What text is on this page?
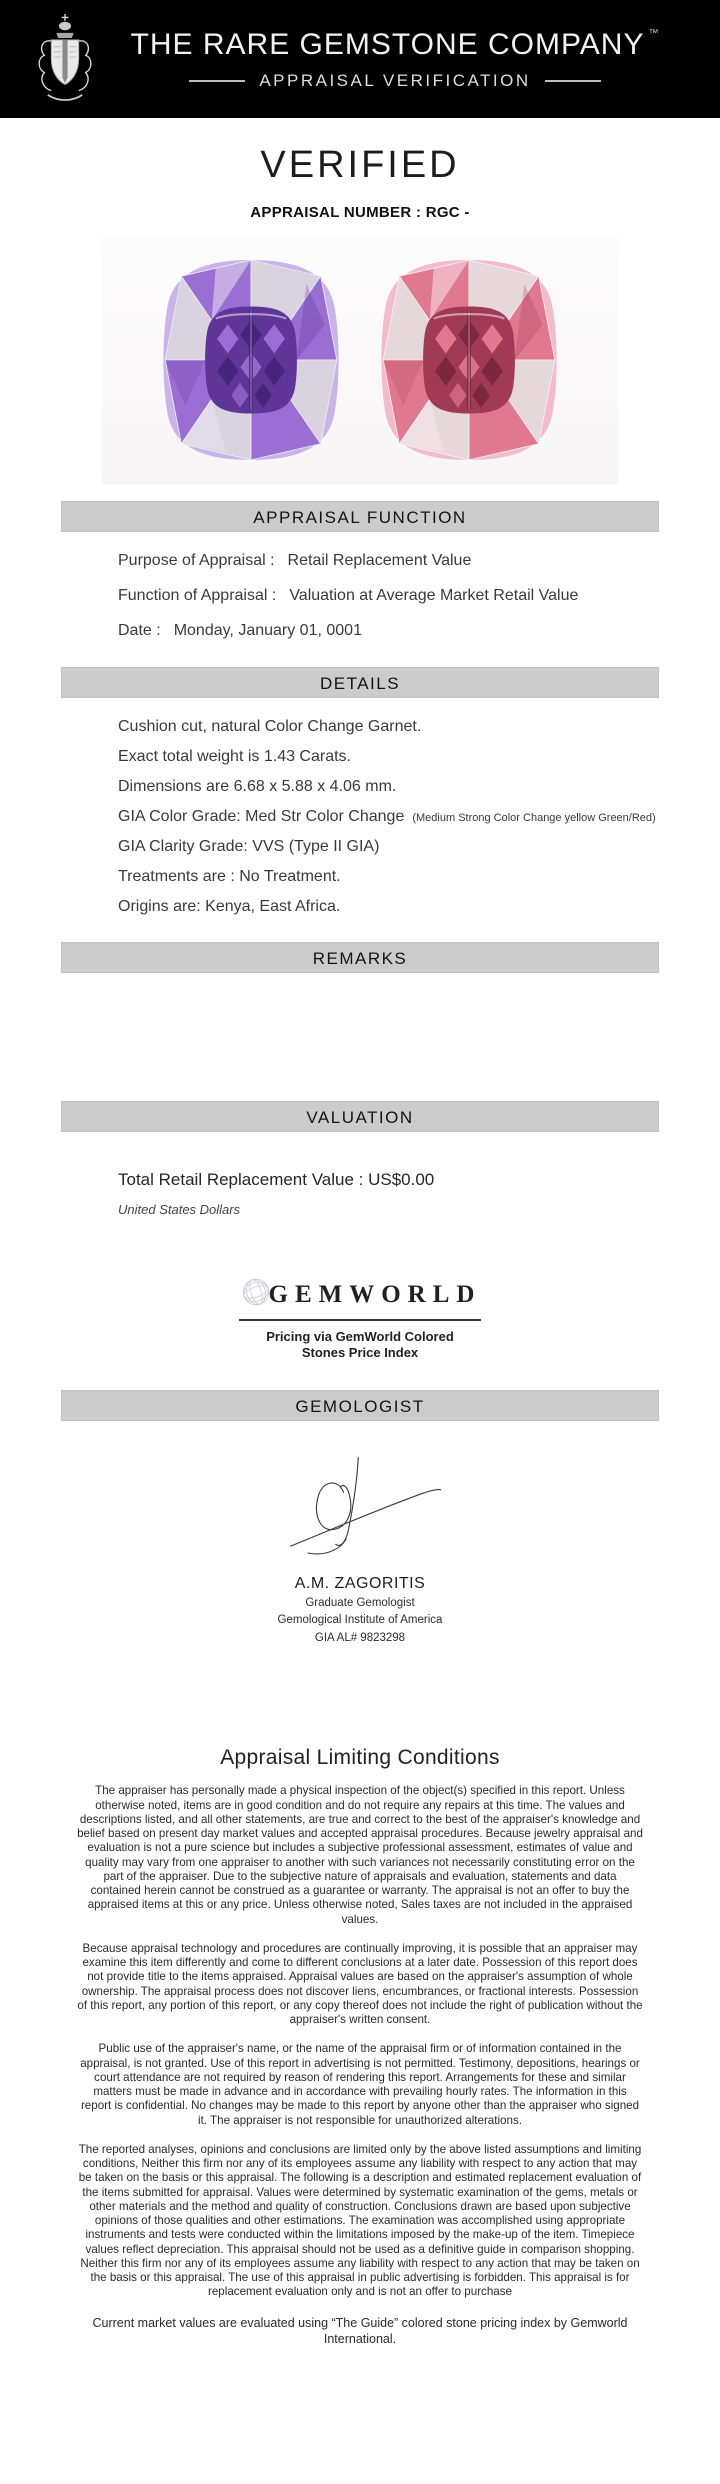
THE RARE GEMSTONE COMPANY ™
APPRAISAL VERIFICATION
VERIFIED
APPRAISAL NUMBER : RGC -
APPRAISAL FUNCTION
Purpose of Appraisal : Retail Replacement Value
Function of Appraisal : Valuation at Average Market Retail Value
Date : Monday, January 01, 0001
DETAILS
Cushion cut, natural Color Change Garnet.
Exact total weight is 1.43 Carats.
Dimensions are 6.68 x 5.88 x 4.06 mm.
GIA Color Grade: Med Str Color Change (Medium Strong Color Change yellow Green/Red)
GIA Clarity Grade: VVS (Type II GIA)
Treatments are : No Treatment.
Origins are: Kenya, East Africa.
REMARKS
VALUATION
Total Retail Replacement Value : US$0.00
United States Dollars
GEMWORLD
Pricing via GemWorld Colored Stones Price Index
GEMOLOGIST
A.M. ZAGORITIS
Graduate Gemologist
Gemological Institute of America
GIA AL# 9823298
Appraisal Limiting Conditions

The appraiser has personally made a physical inspection of the object(s) specified in this report. Unless otherwise noted, items are in good condition and do not require any repairs at this time. The values and descriptions listed, and all other statements, are true and correct to the best of the appraiser's knowledge and belief based on present day market values and accepted appraisal procedures. Because jewelry appraisal and evaluation is not a pure science but includes a subjective professional assessment, estimates of value and quality may vary from one appraiser to another with such variances not necessarily constituting error on the part of the appraiser. Due to the subjective nature of appraisals and evaluation, statements and data contained herein cannot be construed as a guarantee or warranty. The appraisal is not an offer to buy the appraised items at this or any price. Unless otherwise noted, Sales taxes are not included in the appraised values.

Because appraisal technology and procedures are continually improving, it is possible that an appraiser may examine this item differently and come to different conclusions at a later date. Possession of this report does not provide title to the items appraised. Appraisal values are based on the appraiser's assumption of whole ownership. The appraisal process does not discover liens, encumbrances, or fractional interests. Possession of this report, any portion of this report, or any copy thereof does not include the right of publication without the appraiser's written consent.

Public use of the appraiser's name, or the name of the appraisal firm or of information contained in the appraisal, is not granted. Use of this report in advertising is not permitted. Testimony, depositions, hearings or court attendance are not required by reason of rendering this report. Arrangements for these and similar matters must be made in advance and in accordance with prevailing hourly rates. The information in this report is confidential. No changes may be made to this report by anyone other than the appraiser who signed it. The appraiser is not responsible for unauthorized alterations.

The reported analyses, opinions and conclusions are limited only by the above listed assumptions and limiting conditions, Neither this firm nor any of its employees assume any liability with respect to any action that may be taken on the basis or this appraisal. The following is a description and estimated replacement evaluation of the items submitted for appraisal. Values were determined by systematic examination of the gems, metals or other materials and the method and quality of construction. Conclusions drawn are based upon subjective opinions of those qualities and other estimations. The examination was accomplished using appropriate instruments and tests were conducted within the limitations imposed by the make-up of the item. Timepiece values reflect depreciation. This appraisal should not be used as a definitive guide in comparison shopping. Neither this firm nor any of its employees assume any liability with respect to any action that may be taken on the basis or this appraisal. The use of this appraisal in public advertising is forbidden. This appraisal is for replacement evaluation only and is not an offer to purchase

Current market values are evaluated using “The Guide” colored stone pricing index by Gemworld International.
